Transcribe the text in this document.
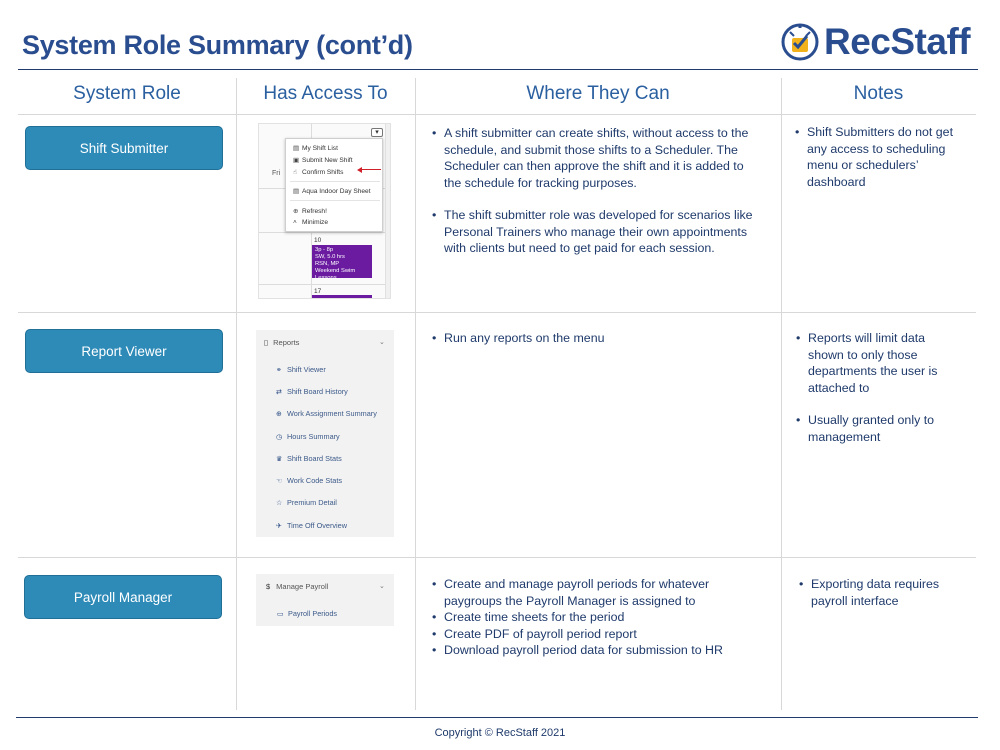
System Role Summary (cont’d)	RecStaff
System Role	Has Access To	Where They Can	Notes
Shift Submitter
Fri
▾
▤ My Shift List
▣ Submit New Shift
☝ Confirm Shifts
▤ Aqua Indoor Day Sheet
⊕ Refresh!
˄ Minimize
10
3p - 8p
SW, 5.0 hrs
RSN, MP
Weekend Swim Lessons
17
• A shift submitter can create shifts, without access to the schedule, and submit those shifts to a Scheduler. The Scheduler can then approve the shift and it is added to the schedule for tracking purposes.
• The shift submitter role was developed for scenarios like Personal Trainers who manage their own appointments with clients but need to get paid for each session.
• Shift Submitters do not get any access to scheduling menu or schedulers’ dashboard
Report Viewer
▯ Reports	⌄
⚭ Shift Viewer
⇄ Shift Board History
⊕ Work Assignment Summary
◷ Hours Summary
♛ Shift Board Stats
☜ Work Code Stats
☆ Premium Detail
✈ Time Off Overview
• Run any reports on the menu
•	Reports will limit data shown to only those departments the user is attached to
• Usually granted only to management
Payroll Manager
$ Manage Payroll	⌄
▭ Payroll Periods
• Create and manage payroll periods for whatever paygroups the Payroll Manager is assigned to
• Create time sheets for the period
• Create PDF of payroll period report
• Download payroll period data for submission to HR
• Exporting data requires payroll interface
Copyright © RecStaff 2021
